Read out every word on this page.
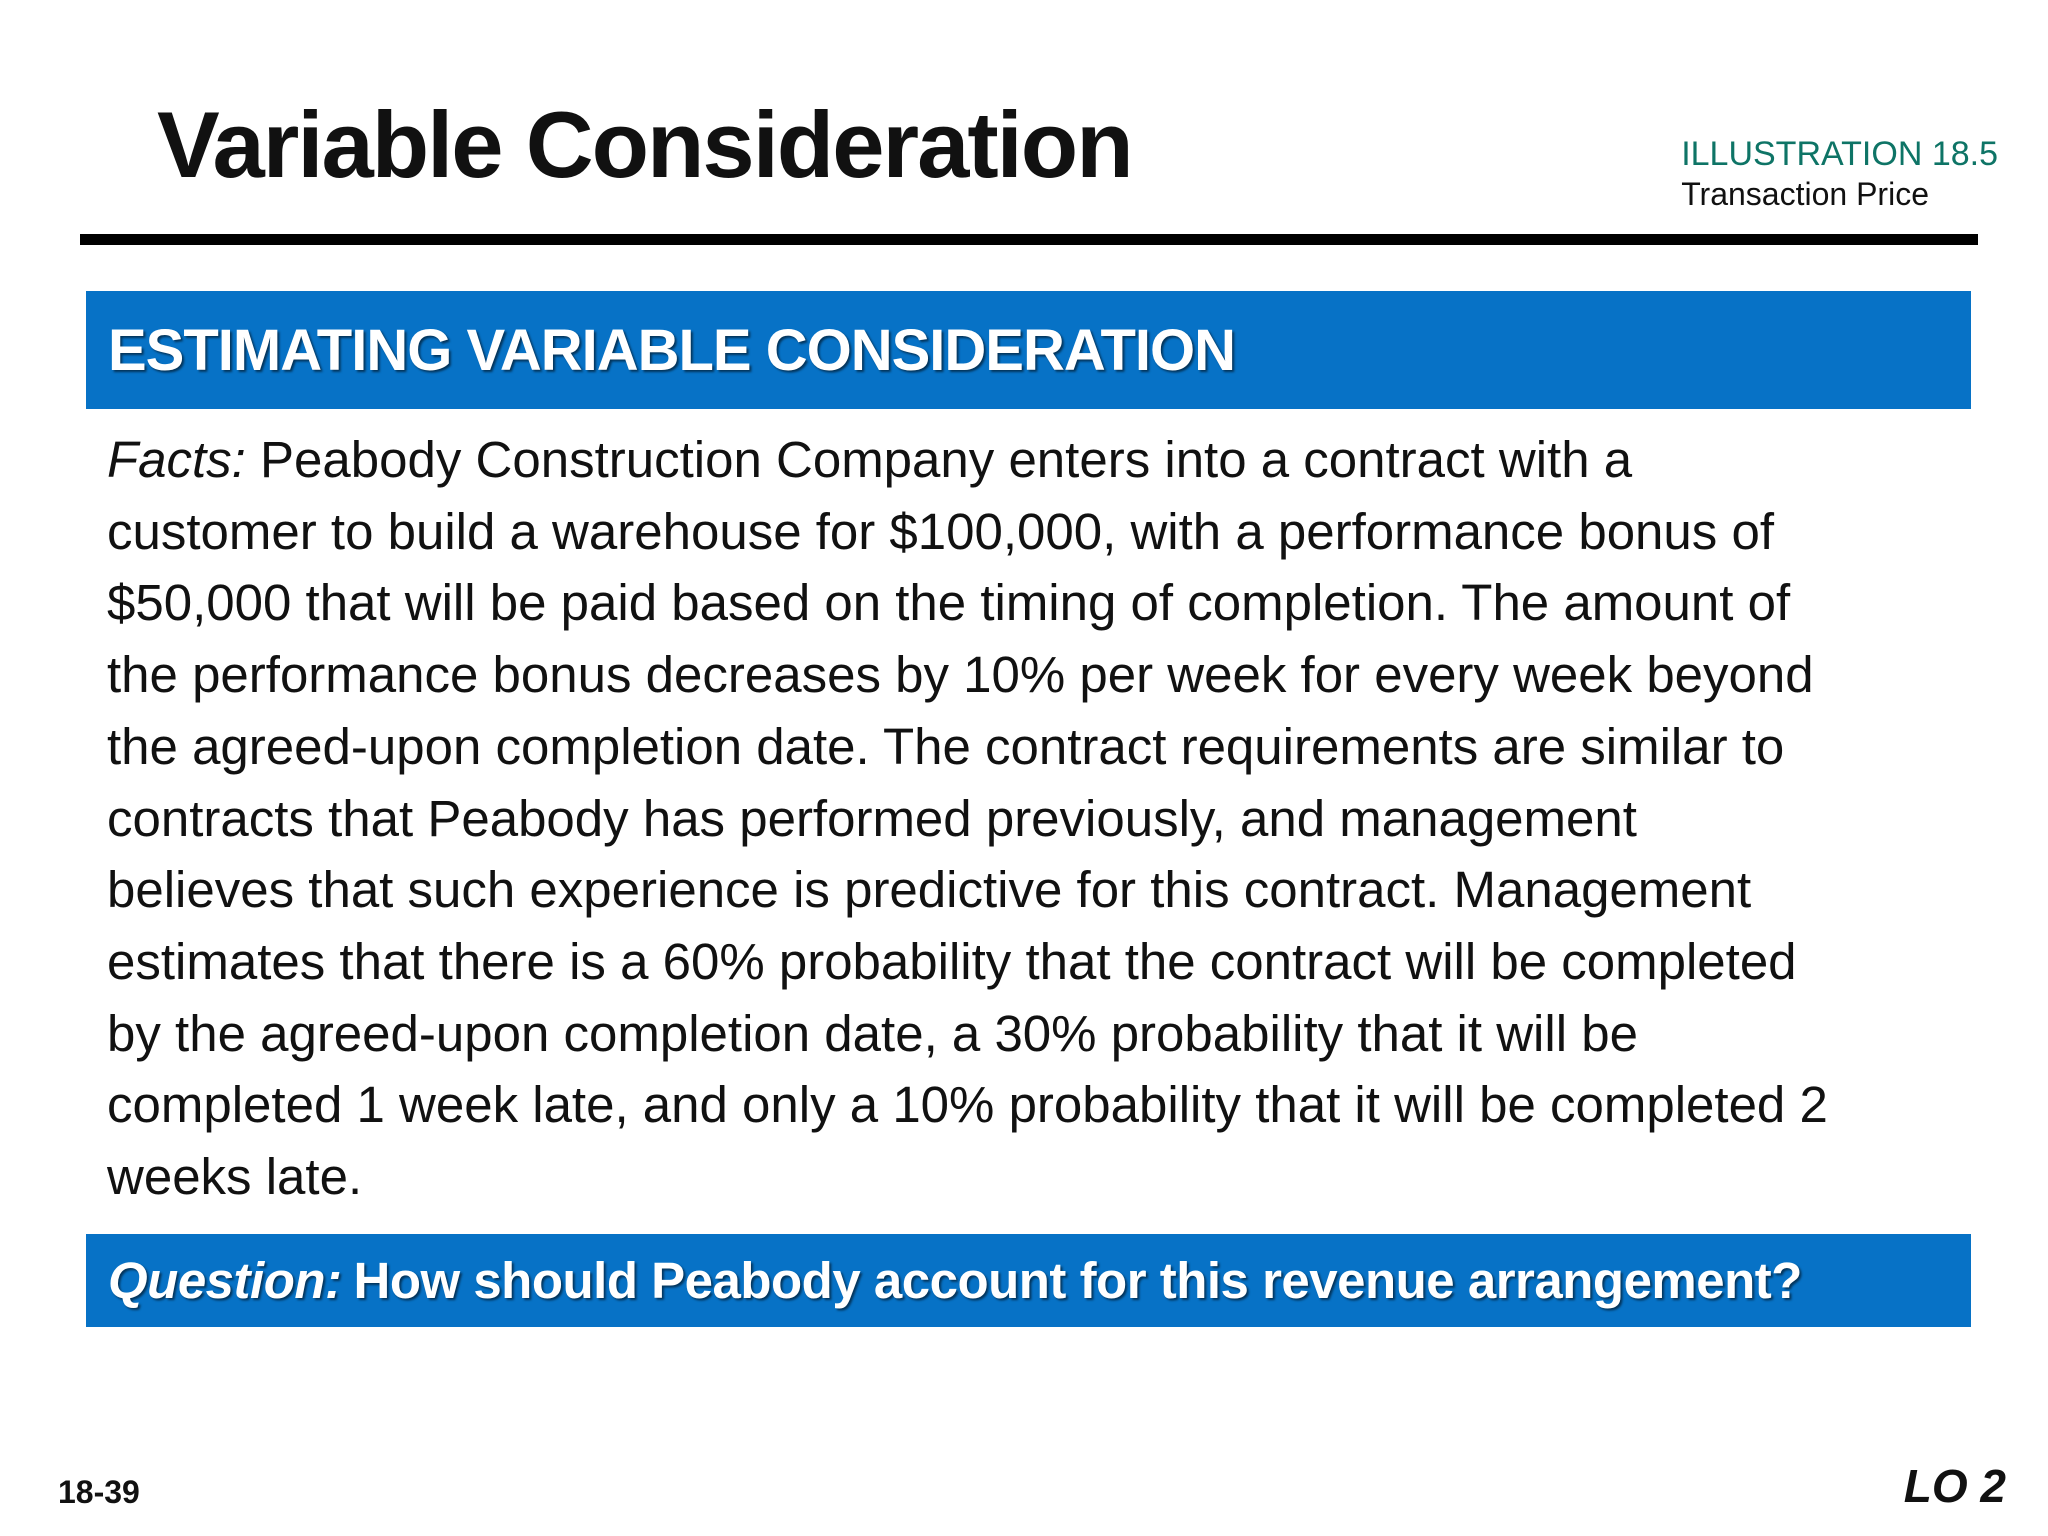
Variable Consideration	ILLUSTRATION 18.5
Transaction Price
ESTIMATING VARIABLE CONSIDERATION
Facts: Peabody Construction Company enters into a contract with a
customer to build a warehouse for $100,000, with a performance bonus of
$50,000 that will be paid based on the timing of completion. The amount of
the performance bonus decreases by 10% per week for every week beyond
the agreed-upon completion date. The contract requirements are similar to
contracts that Peabody has performed previously, and management
believes that such experience is predictive for this contract. Management
estimates that there is a 60% probability that the contract will be completed
by the agreed-upon completion date, a 30% probability that it will be
completed 1 week late, and only a 10% probability that it will be completed 2
weeks late.
Question: How should Peabody account for this revenue arrangement?
18-39	LO 2
